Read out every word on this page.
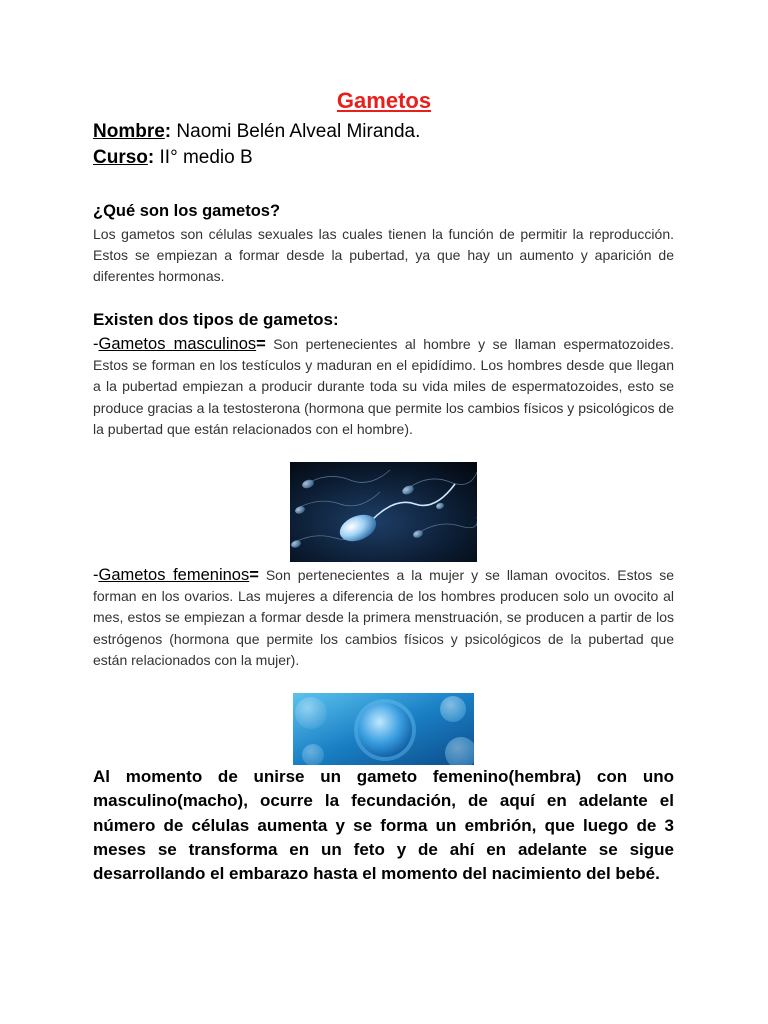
Gametos
Nombre: Naomi Belén Alveal Miranda.
Curso: II° medio B
¿Qué son los gametos?
Los gametos son células sexuales las cuales tienen la función de permitir la reproducción. Estos se empiezan a formar desde la pubertad, ya que hay un aumento y aparición de diferentes hormonas.
Existen dos tipos de gametos:
-Gametos masculinos= Son pertenecientes al hombre y se llaman espermatozoides. Estos se forman en los testículos y maduran en el epidídimo. Los hombres desde que llegan a la pubertad empiezan a producir durante toda su vida miles de espermatozoides, esto se produce gracias a la testosterona (hormona que permite los cambios físicos y psicológicos de la pubertad que están relacionados con el hombre).
-Gametos femeninos= Son pertenecientes a la mujer y se llaman ovocitos. Estos se forman en los ovarios. Las mujeres a diferencia de los hombres producen solo un ovocito al mes, estos se empiezan a formar desde la primera menstruación, se producen a partir de los estrógenos (hormona que permite los cambios físicos y psicológicos de la pubertad que están relacionados con la mujer).
Al momento de unirse un gameto femenino(hembra) con uno masculino(macho), ocurre la fecundación, de aquí en adelante el número de células aumenta y se forma un embrión, que luego de 3 meses se transforma en un feto y de ahí en adelante se sigue desarrollando el embarazo hasta el momento del nacimiento del bebé.
